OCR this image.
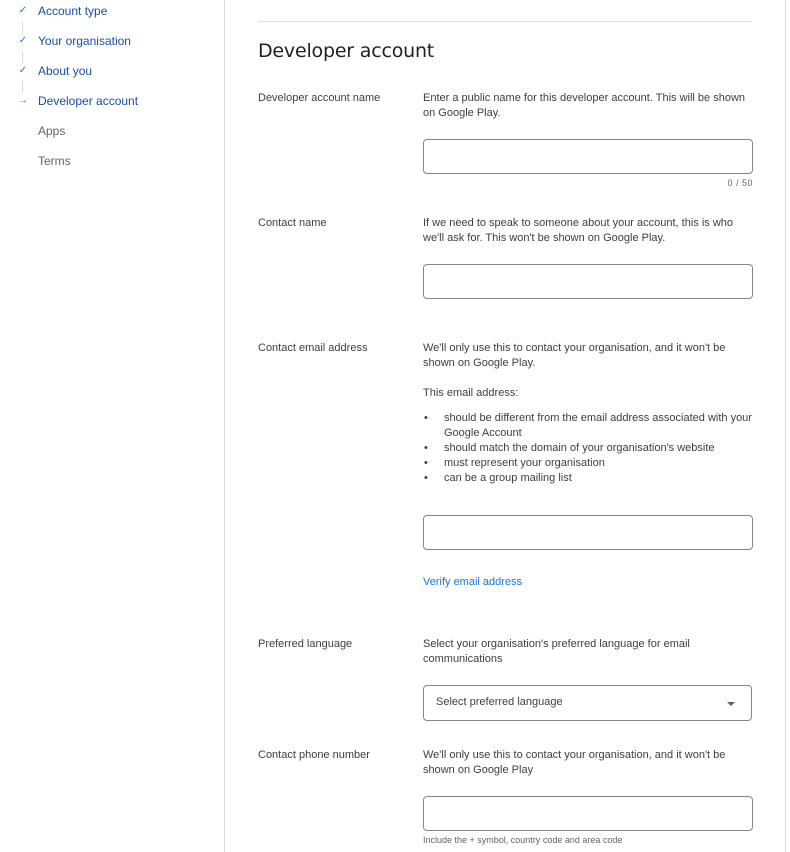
✓ Account type
✓ Your organisation
✓ About you
→ Developer account
Apps
Terms
Developer account
Developer account name	Enter a public name for this developer account. This will be shown on Google Play.

0 / 50
Contact name	If we need to speak to someone about your account, this is who we'll ask for. This won't be shown on Google Play.

Contact email address	We'll only use this to contact your organisation, and it won't be shown on Google Play.

This email address:

• should be different from the email address associated with your Google Account
• should match the domain of your organisation's website
• must represent your organisation
• can be a group mailing list
Verify email address
Preferred language	Select your organisation's preferred language for email communications

Select preferred language
Contact phone number	We'll only use this to contact your organisation, and it won't be shown on Google Play

Include the + symbol, country code and area code
